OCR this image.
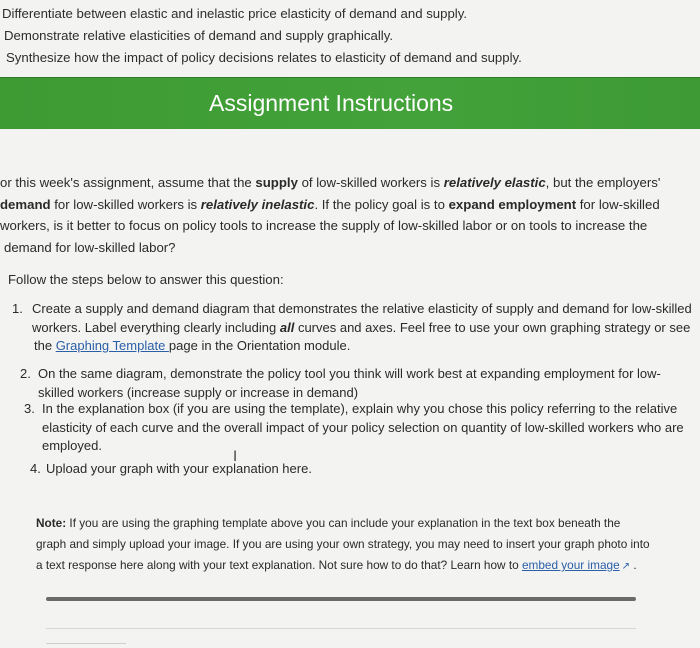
Differentiate between elastic and inelastic price elasticity of demand and supply.
Demonstrate relative elasticities of demand and supply graphically.
Synthesize how the impact of policy decisions relates to elasticity of demand and supply.
Assignment Instructions
or this week's assignment, assume that the supply of low-skilled workers is relatively elastic, but the employers'
demand for low-skilled workers is relatively inelastic. If the policy goal is to expand employment for low-skilled
workers, is it better to focus on policy tools to increase the supply of low-skilled labor or on tools to increase the
demand for low-skilled labor?
Follow the steps below to answer this question:
1. Create a supply and demand diagram that demonstrates the relative elasticity of supply and demand for low-skilled
workers. Label everything clearly including all curves and axes. Feel free to use your own graphing strategy or see
the Graphing Template page in the Orientation module.
2. On the same diagram, demonstrate the policy tool you think will work best at expanding employment for low-
skilled workers (increase supply or increase in demand)
3. In the explanation box (if you are using the template), explain why you chose this policy referring to the relative
elasticity of each curve and the overall impact of your policy selection on quantity of low-skilled workers who are
employed.
4. Upload your graph with your explanation here.
I
Note: If you are using the graphing template above you can include your explanation in the text box beneath the
graph and simply upload your image. If you are using your own strategy, you may need to insert your graph photo into
a text response here along with your text explanation. Not sure how to do that? Learn how to embed your image ↗ .
